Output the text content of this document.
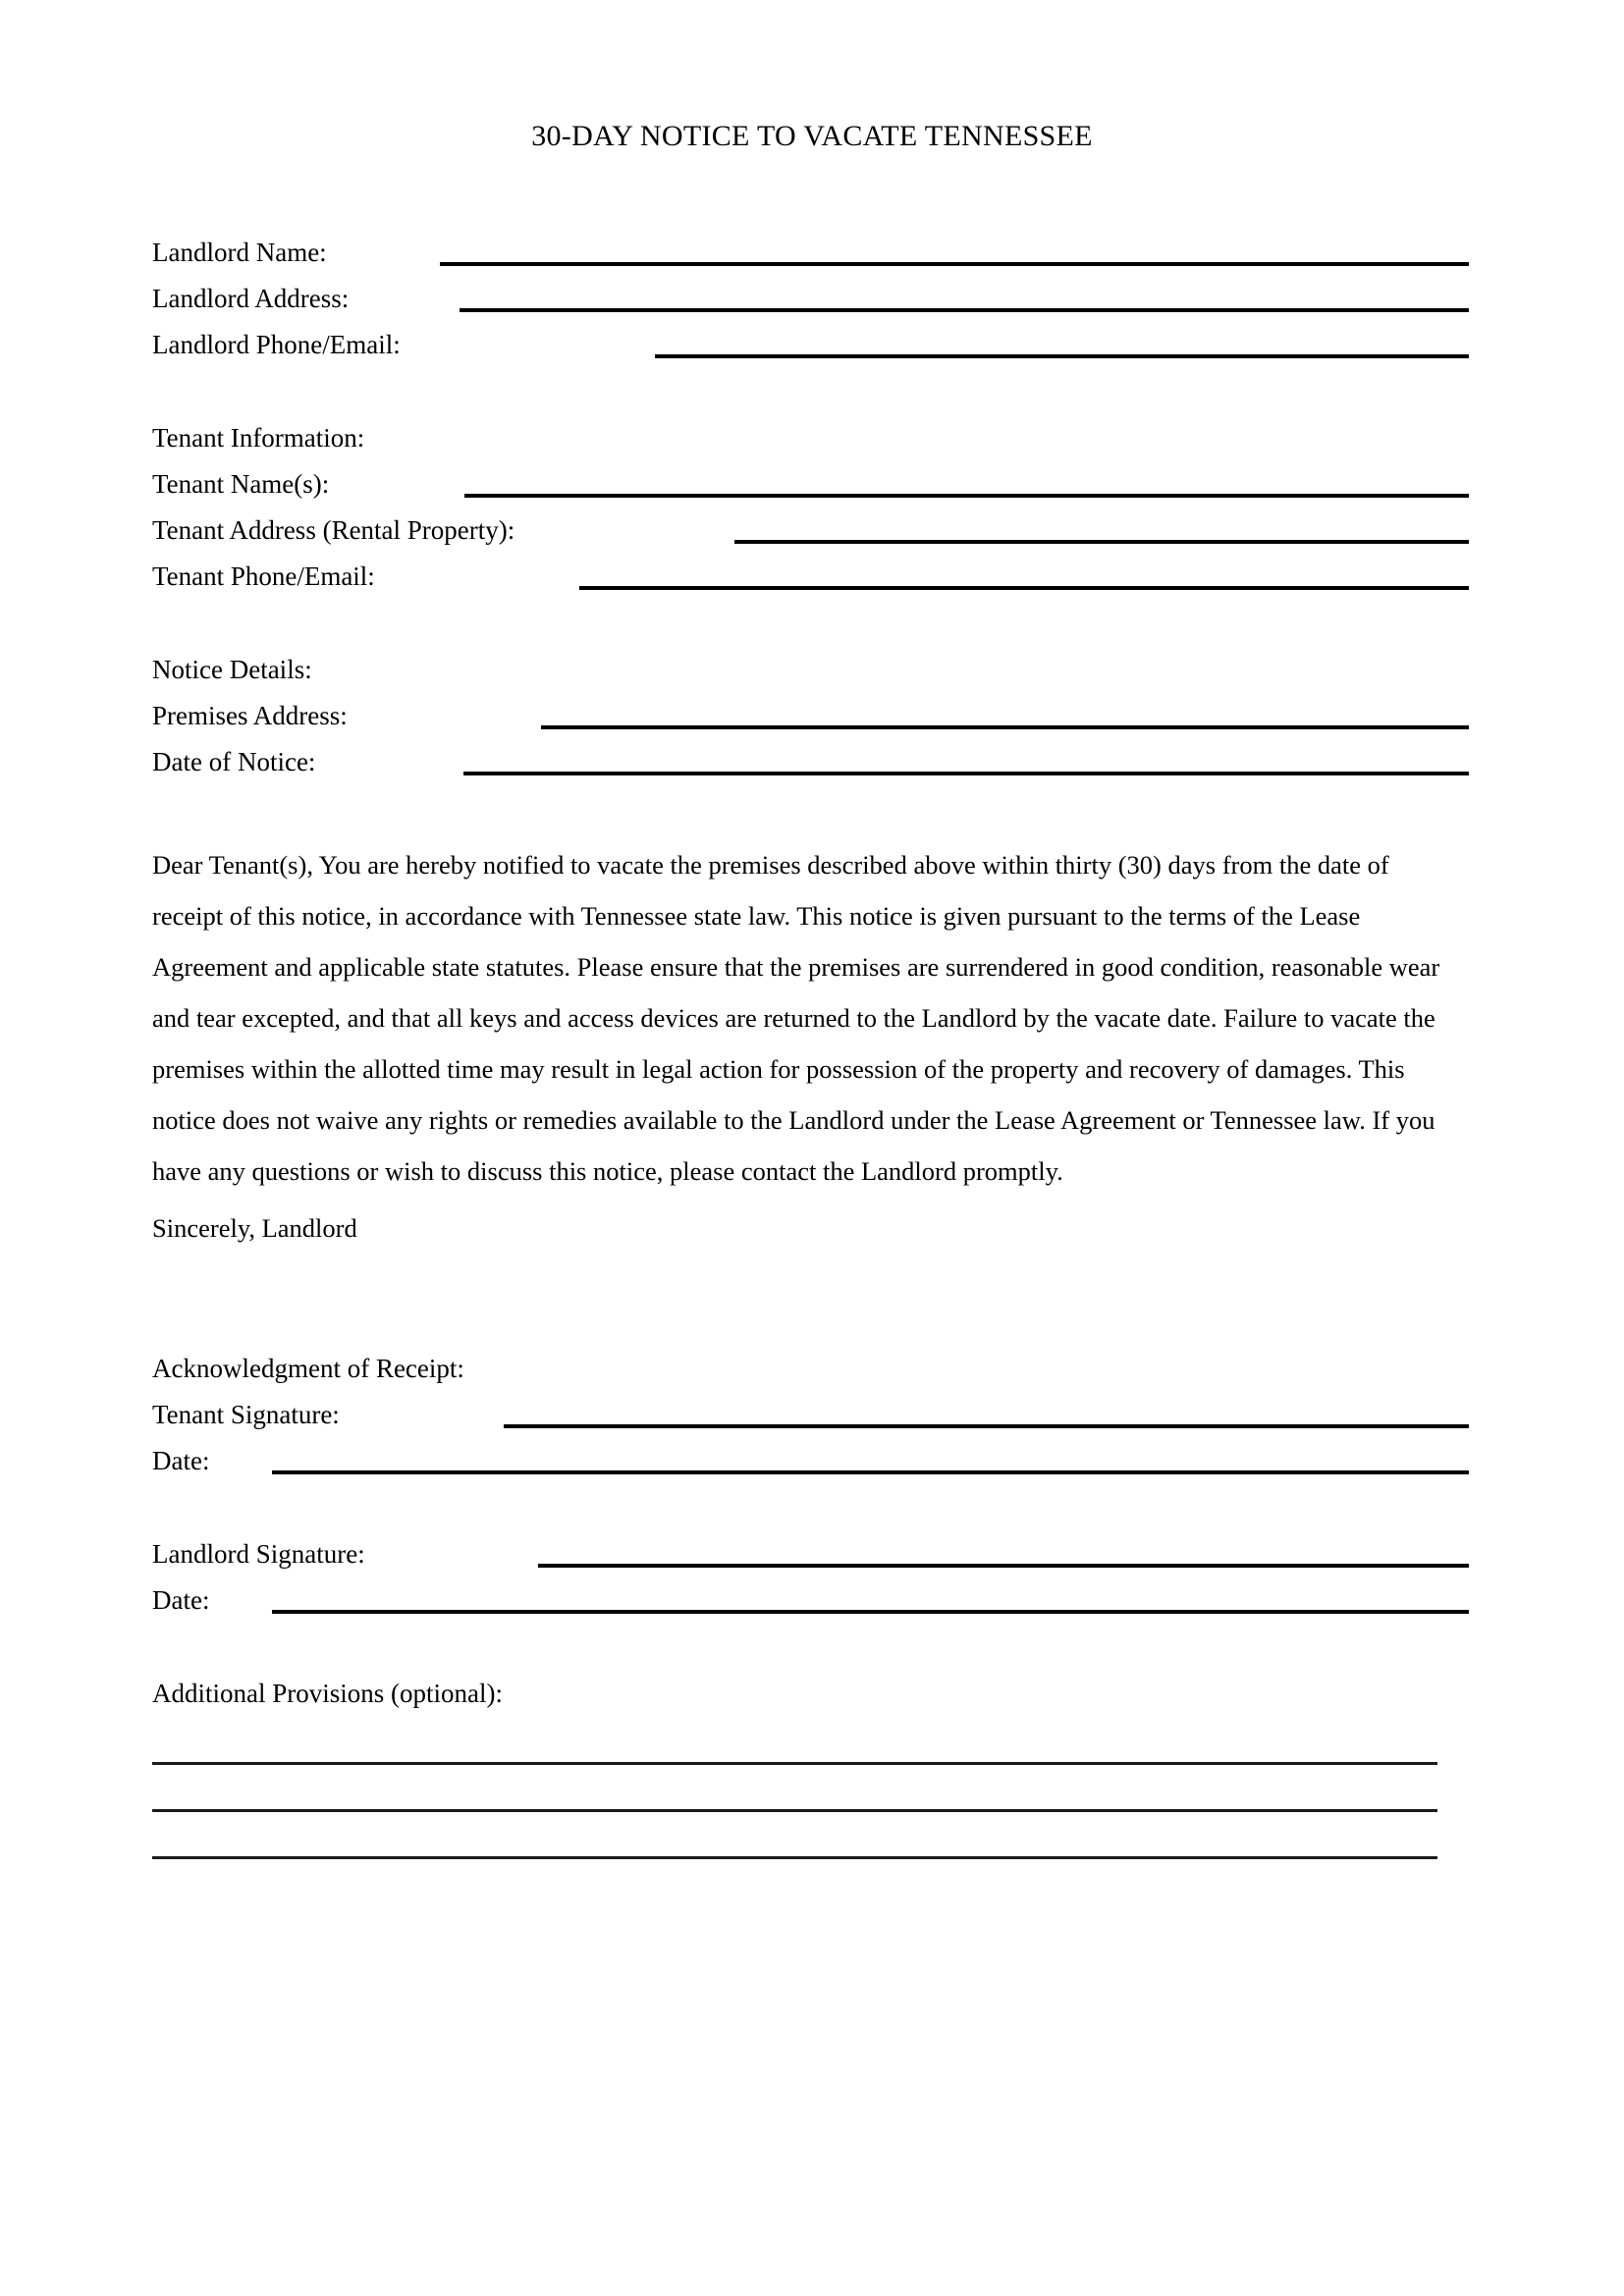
30-DAY NOTICE TO VACATE TENNESSEE
Landlord Name:
Landlord Address:
Landlord Phone/Email:
Tenant Information:
Tenant Name(s):
Tenant Address (Rental Property):
Tenant Phone/Email:
Notice Details:
Premises Address:
Date of Notice:

Dear Tenant(s), You are hereby notified to vacate the premises described above within thirty (30) days from the date of receipt of this notice, in accordance with Tennessee state law. This notice is given pursuant to the terms of the Lease Agreement and applicable state statutes. Please ensure that the premises are surrendered in good condition, reasonable wear and tear excepted, and that all keys and access devices are returned to the Landlord by the vacate date. Failure to vacate the premises within the allotted time may result in legal action for possession of the property and recovery of damages. This notice does not waive any rights or remedies available to the Landlord under the Lease Agreement or Tennessee law. If you have any questions or wish to discuss this notice, please contact the Landlord promptly.

Sincerely, Landlord
Acknowledgment of Receipt:
Tenant Signature:
Date:
Landlord Signature:
Date:
Additional Provisions (optional):
